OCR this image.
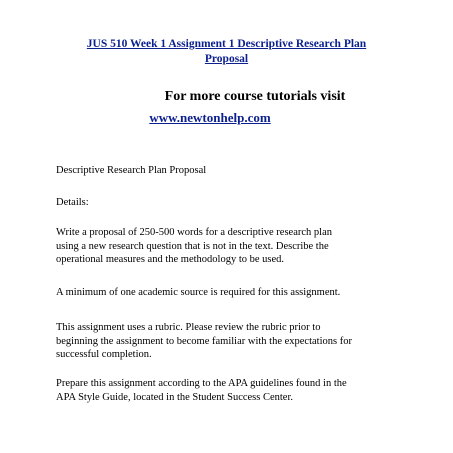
JUS 510 Week 1 Assignment 1 Descriptive Research Plan
Proposal
For more course tutorials visit
www.newtonhelp.com
Descriptive Research Plan Proposal
Details:
Write a proposal of 250-500 words for a descriptive research plan
using a new research question that is not in the text. Describe the
operational measures and the methodology to be used.
A minimum of one academic source is required for this assignment.
This assignment uses a rubric. Please review the rubric prior to
beginning the assignment to become familiar with the expectations for
successful completion.
Prepare this assignment according to the APA guidelines found in the
APA Style Guide, located in the Student Success Center.
